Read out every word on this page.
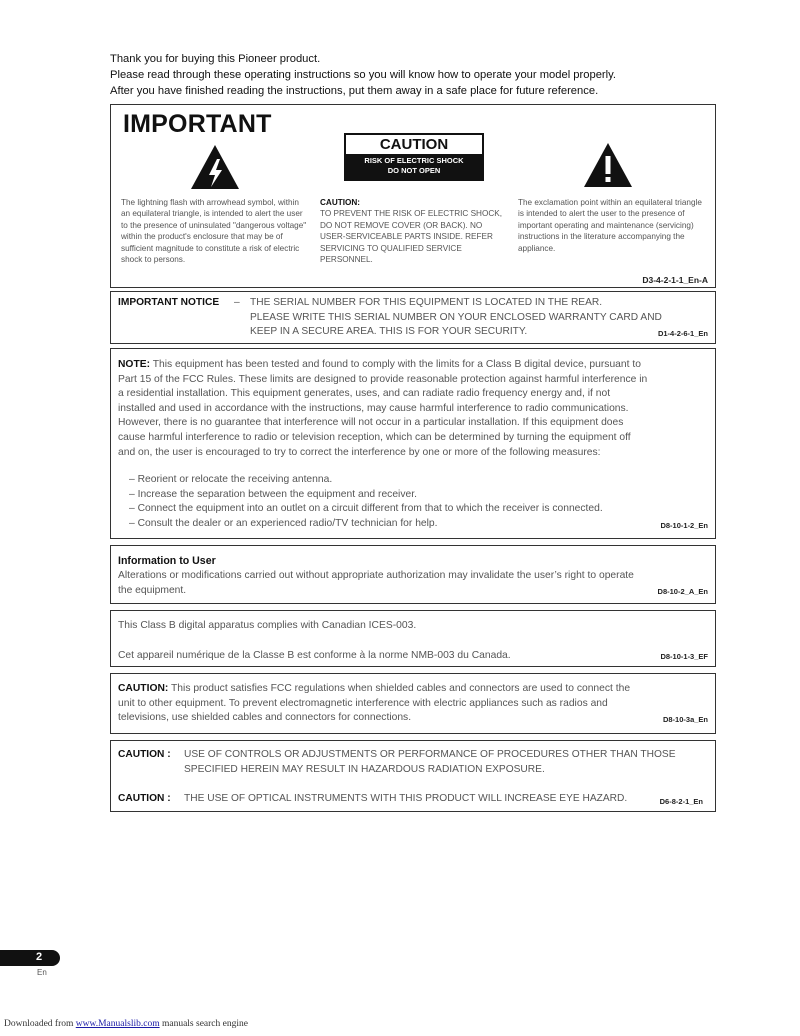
Thank you for buying this Pioneer product.
Please read through these operating instructions so you will know how to operate your model properly.
After you have finished reading the instructions, put them away in a safe place for future reference.
IMPORTANT
CAUTION
RISK OF ELECTRIC SHOCK
DO NOT OPEN
The lightning flash with arrowhead symbol, within an equilateral triangle, is intended to alert the user to the presence of uninsulated "dangerous voltage" within the product's enclosure that may be of sufficient magnitude to constitute a risk of electric shock to persons.
CAUTION:
TO PREVENT THE RISK OF ELECTRIC SHOCK, DO NOT REMOVE COVER (OR BACK). NO USER-SERVICEABLE PARTS INSIDE. REFER SERVICING TO QUALIFIED SERVICE PERSONNEL.
The exclamation point within an equilateral triangle is intended to alert the user to the presence of important operating and maintenance (servicing) instructions in the literature accompanying the appliance.
D3-4-2-1-1_En-A
IMPORTANT NOTICE – THE SERIAL NUMBER FOR THIS EQUIPMENT IS LOCATED IN THE REAR.
PLEASE WRITE THIS SERIAL NUMBER ON YOUR ENCLOSED WARRANTY CARD AND
KEEP IN A SECURE AREA. THIS IS FOR YOUR SECURITY.	D1-4-2-6-1_En
NOTE: This equipment has been tested and found to comply with the limits for a Class B digital device, pursuant to
Part 15 of the FCC Rules. These limits are designed to provide reasonable protection against harmful interference in
a residential installation. This equipment generates, uses, and can radiate radio frequency energy and, if not
installed and used in accordance with the instructions, may cause harmful interference to radio communications.
However, there is no guarantee that interference will not occur in a particular installation. If this equipment does
cause harmful interference to radio or television reception, which can be determined by turning the equipment off
and on, the user is encouraged to try to correct the interference by one or more of the following measures:
– Reorient or relocate the receiving antenna.
– Increase the separation between the equipment and receiver.
– Connect the equipment into an outlet on a circuit different from that to which the receiver is connected.
– Consult the dealer or an experienced radio/TV technician for help.	D8-10-1-2_En
Information to User
Alterations or modifications carried out without appropriate authorization may invalidate the user’s right to operate
the equipment.	D8-10-2_A_En
This Class B digital apparatus complies with Canadian ICES-003.
Cet appareil numérique de la Classe B est conforme à la norme NMB-003 du Canada.	D8-10-1-3_EF
CAUTION: This product satisfies FCC regulations when shielded cables and connectors are used to connect the
unit to other equipment. To prevent electromagnetic interference with electric appliances such as radios and
televisions, use shielded cables and connectors for connections.	D8-10-3a_En
CAUTION : USE OF CONTROLS OR ADJUSTMENTS OR PERFORMANCE OF PROCEDURES OTHER THAN THOSE
SPECIFIED HEREIN MAY RESULT IN HAZARDOUS RADIATION EXPOSURE.
CAUTION : THE USE OF OPTICAL INSTRUMENTS WITH THIS PRODUCT WILL INCREASE EYE HAZARD.	D6-8-2-1_En
2
En
Downloaded from www.Manualslib.com manuals search engine
